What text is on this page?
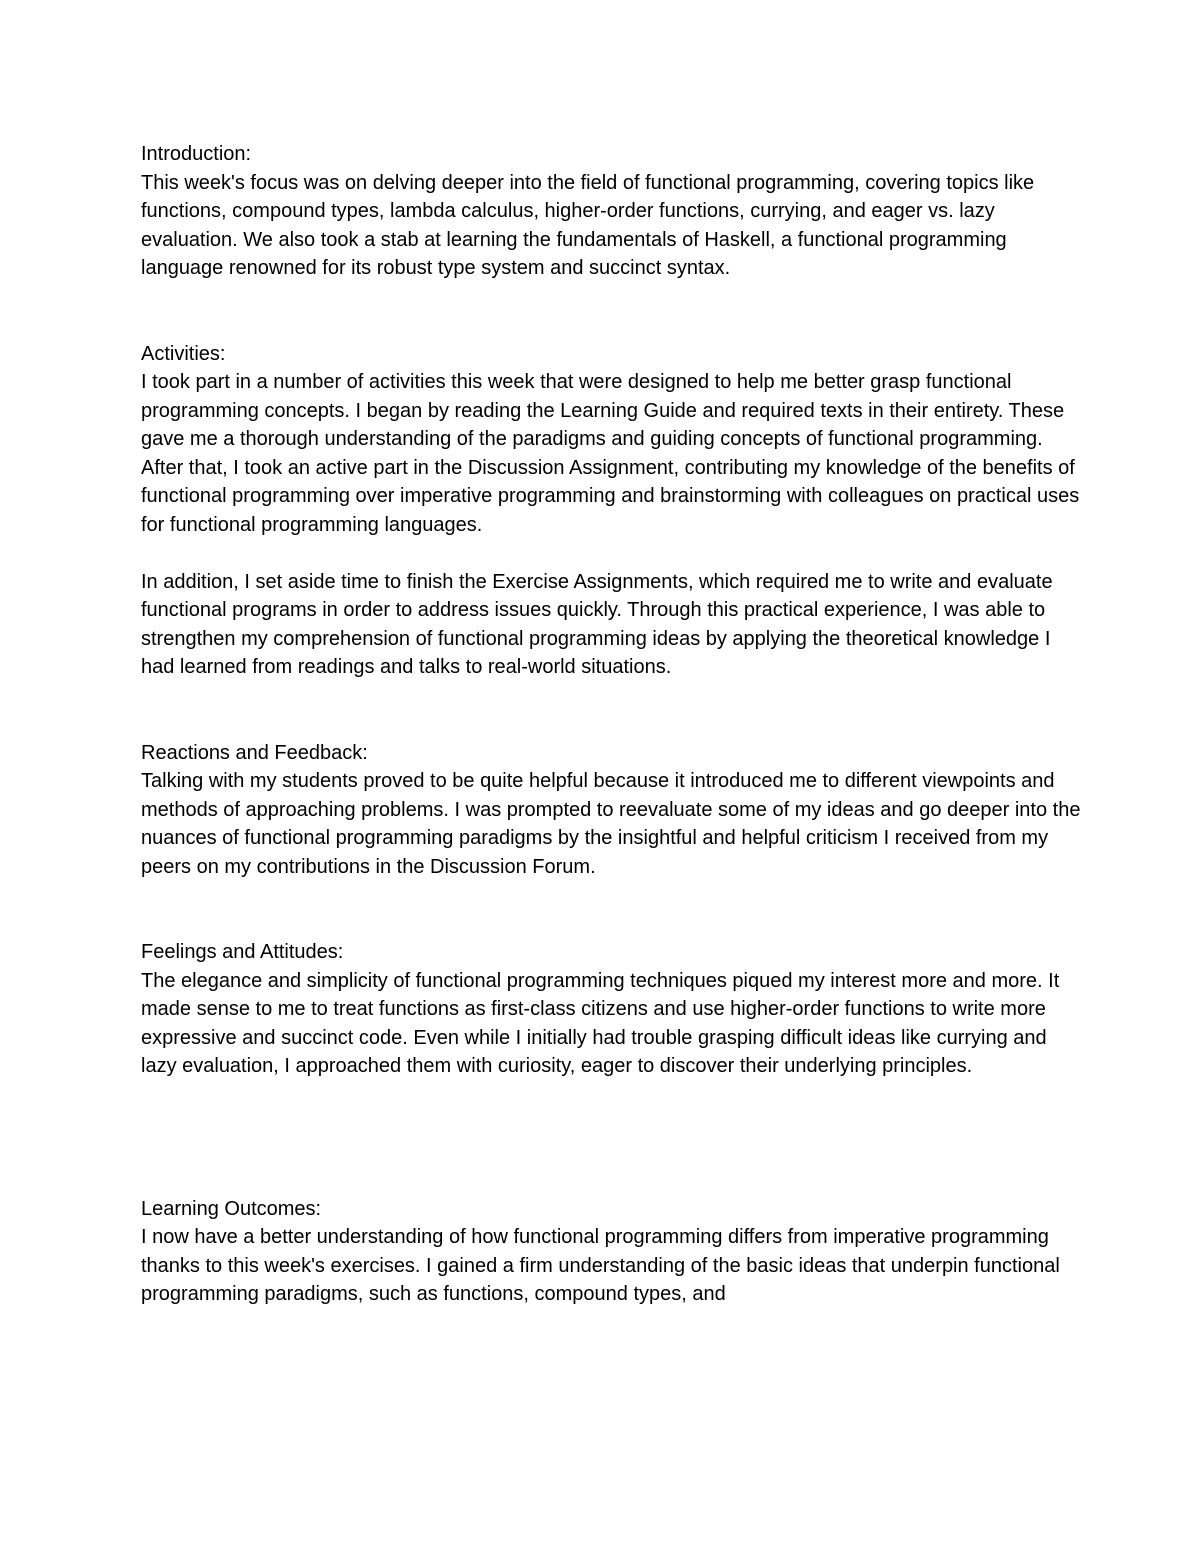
Introduction:

This week's focus was on delving deeper into the field of functional programming, covering topics like functions, compound types, lambda calculus, higher-order functions, currying, and eager vs. lazy evaluation. We also took a stab at learning the fundamentals of Haskell, a functional programming language renowned for its robust type system and succinct syntax.

Activities:

I took part in a number of activities this week that were designed to help me better grasp functional programming concepts. I began by reading the Learning Guide and required texts in their entirety. These gave me a thorough understanding of the paradigms and guiding concepts of functional programming. After that, I took an active part in the Discussion Assignment, contributing my knowledge of the benefits of functional programming over imperative programming and brainstorming with colleagues on practical uses for functional programming languages.

In addition, I set aside time to finish the Exercise Assignments, which required me to write and evaluate functional programs in order to address issues quickly. Through this practical experience, I was able to strengthen my comprehension of functional programming ideas by applying the theoretical knowledge I had learned from readings and talks to real-world situations.

Reactions and Feedback:

Talking with my students proved to be quite helpful because it introduced me to different viewpoints and methods of approaching problems. I was prompted to reevaluate some of my ideas and go deeper into the nuances of functional programming paradigms by the insightful and helpful criticism I received from my peers on my contributions in the Discussion Forum.

Feelings and Attitudes:

The elegance and simplicity of functional programming techniques piqued my interest more and more. It made sense to me to treat functions as first-class citizens and use higher-order functions to write more expressive and succinct code. Even while I initially had trouble grasping difficult ideas like currying and lazy evaluation, I approached them with curiosity, eager to discover their underlying principles.

Learning Outcomes:

I now have a better understanding of how functional programming differs from imperative programming thanks to this week's exercises. I gained a firm understanding of the basic ideas that underpin functional programming paradigms, such as functions, compound types, and
